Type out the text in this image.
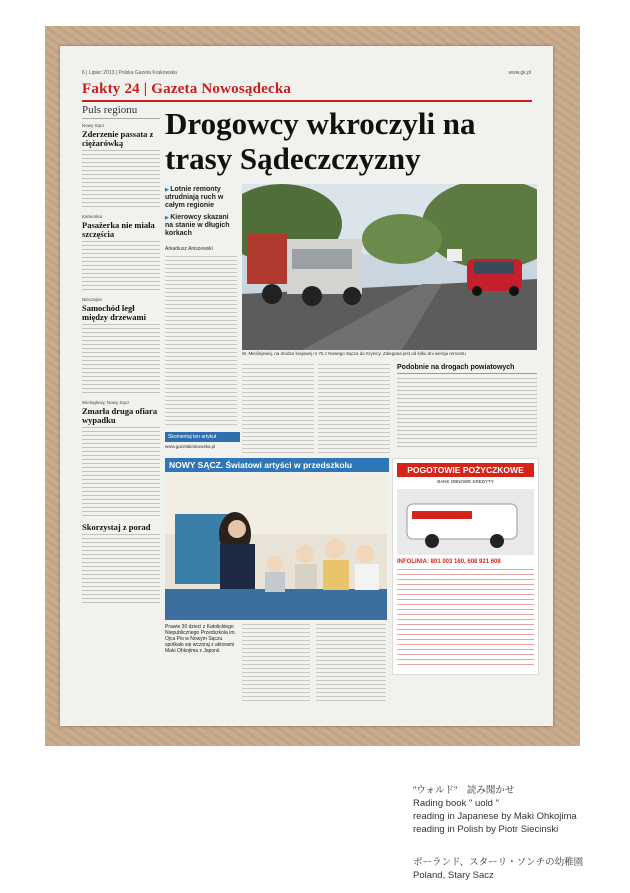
6 | Lipiec 2013 | Polska Gazeta Krakowska	www.gk.pl
Fakty 24 | Gazeta Nowosądecka
Puls regionu
Nowy Sącz
Zderzenie passata z ciężarówką
Kamionka
Pasażerka nie miała szczęścia
Nieczajna
Samochód legł między drzewami
Wielogłowy, Nowy Sącz
Zmarła druga ofiara wypadku
Skorzystaj z porad
Drogowcy wkroczyli na trasy Sądeczczyzny
▶ Lotnie remonty utrudniają ruch w całym regionie
▶ Kierowcy skazani na stanie w długich korkach
Arkadiusz Aniszewski
Skomentuj ten artykuł
www.gazetakrakowska.pl
W. Miećlejewej, na drodze krajowej nr 75 z Nowego Sącza do Krynicy. Zalegana jest od kilku dni wersja remontu
Podobnie na drogach powiatowych
NOWY SĄCZ. Światowi artyści w przedszkolu
Prawie 30 dzieci z Katolickiego Niepublicznego Przedszkola im. Ojca Pio w Nowym Sączu spotkało się wczoraj z aktorami Maki Ohkojima z Japonii.
POGOTOWIE POŻYCZKOWE
BANK OBNOWE KREDYTY
INFOLINIA: 801 003 160, 608 921 608
"ウォルド"　読み聞かせ
Rading book " uold "
reading in Japanese by Maki Ohkojima
reading in Polish by Piotr Siecinski
ポーランド、スターリ・ソンチの幼稚園
Poland, Stary Sacz
